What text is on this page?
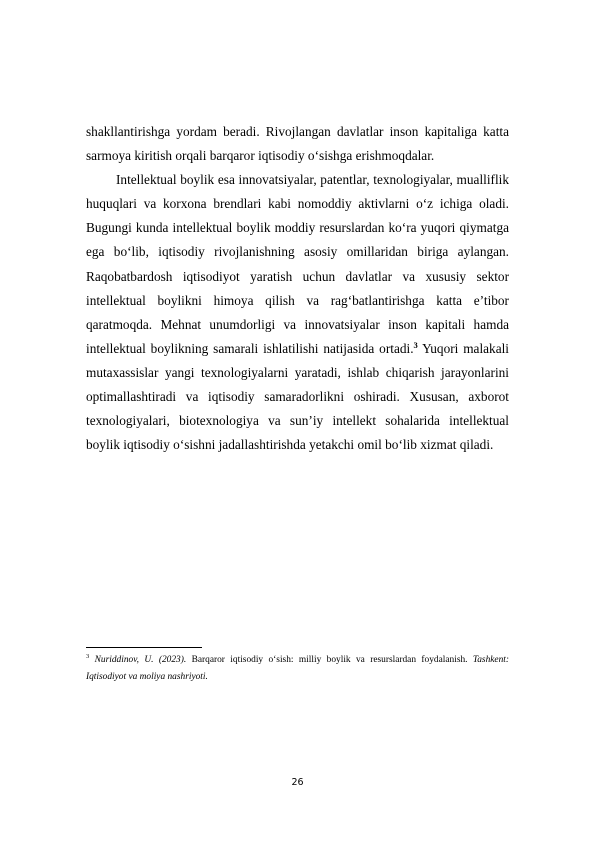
shakllantirishga yordam beradi. Rivojlangan davlatlar inson kapitaliga katta sarmoya kiritish orqali barqaror iqtisodiy o‘sishga erishmoqdalar.

Intellektual boylik esa innovatsiyalar, patentlar, texnologiyalar, mualliflik huquqlari va korxona brendlari kabi nomoddiy aktivlarni o‘z ichiga oladi. Bugungi kunda intellektual boylik moddiy resurslardan ko‘ra yuqori qiymatga ega bo‘lib, iqtisodiy rivojlanishning asosiy omillaridan biriga aylangan. Raqobatbardosh iqtisodiyot yaratish uchun davlatlar va xususiy sektor intellektual boylikni himoya qilish va rag‘batlantirishga katta e’tibor qaratmoqda. Mehnat unumdorligi va innovatsiyalar inson kapitali hamda intellektual boylikning samarali ishlatilishi natijasida ortadi.$^3$ Yuqori malakali mutaxassislar yangi texnologiyalarni yaratadi, ishlab chiqarish jarayonlarini optimallashtiradi va iqtisodiy samaradorlikni oshiradi. Xususan, axborot texnologiyalari, biotexnologiya va sun’iy intellekt sohalarida intellektual boylik iqtisodiy o‘sishni jadallashtirishda yetakchi omil bo‘lib xizmat qiladi.

$^3$ Nuriddinov, U. (2023). Barqaror iqtisodiy o‘sish: milliy boylik va resurslardan foydalanish. Tashkent: Iqtisodiyot va moliya nashriyoti.

26
